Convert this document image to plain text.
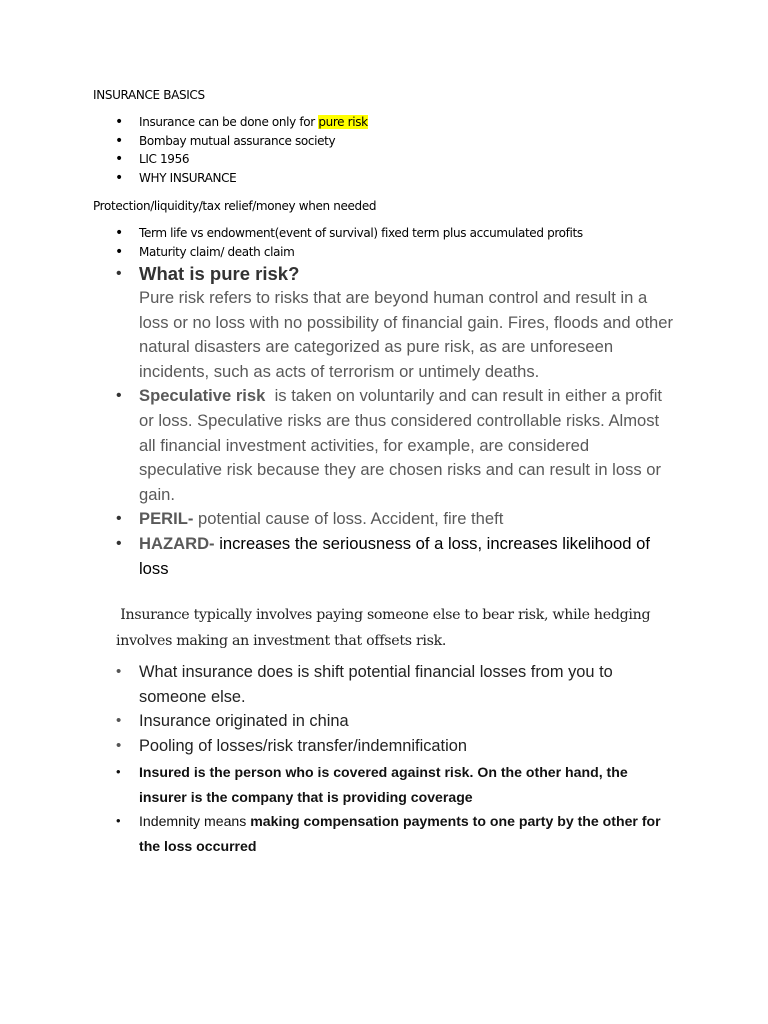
INSURANCE BASICS
• Insurance can be done only for pure risk
• Bombay mutual assurance society
• LIC 1956
• WHY INSURANCE
Protection/liquidity/tax relief/money when needed
• Term life vs endowment(event of survival) fixed term plus accumulated profits
• Maturity claim/ death claim
• What is pure risk?
Pure risk refers to risks that are beyond human control and result in a loss or no loss with no possibility of financial gain. Fires, floods and other natural disasters are categorized as pure risk, as are unforeseen incidents, such as acts of terrorism or untimely deaths.
• Speculative risk  is taken on voluntarily and can result in either a profit or loss. Speculative risks are thus considered controllable risks. Almost all financial investment activities, for example, are considered speculative risk because they are chosen risks and can result in loss or gain.
• PERIL- potential cause of loss. Accident, fire theft
• HAZARD- increases the seriousness of a loss, increases likelihood of loss
Insurance typically involves paying someone else to bear risk, while hedging involves making an investment that offsets risk.
• What insurance does is shift potential financial losses from you to someone else.
• Insurance originated in china
• Pooling of losses/risk transfer/indemnification
• Insured is the person who is covered against risk. On the other hand, the insurer is the company that is providing coverage
• Indemnity means making compensation payments to one party by the other for the loss occurred
